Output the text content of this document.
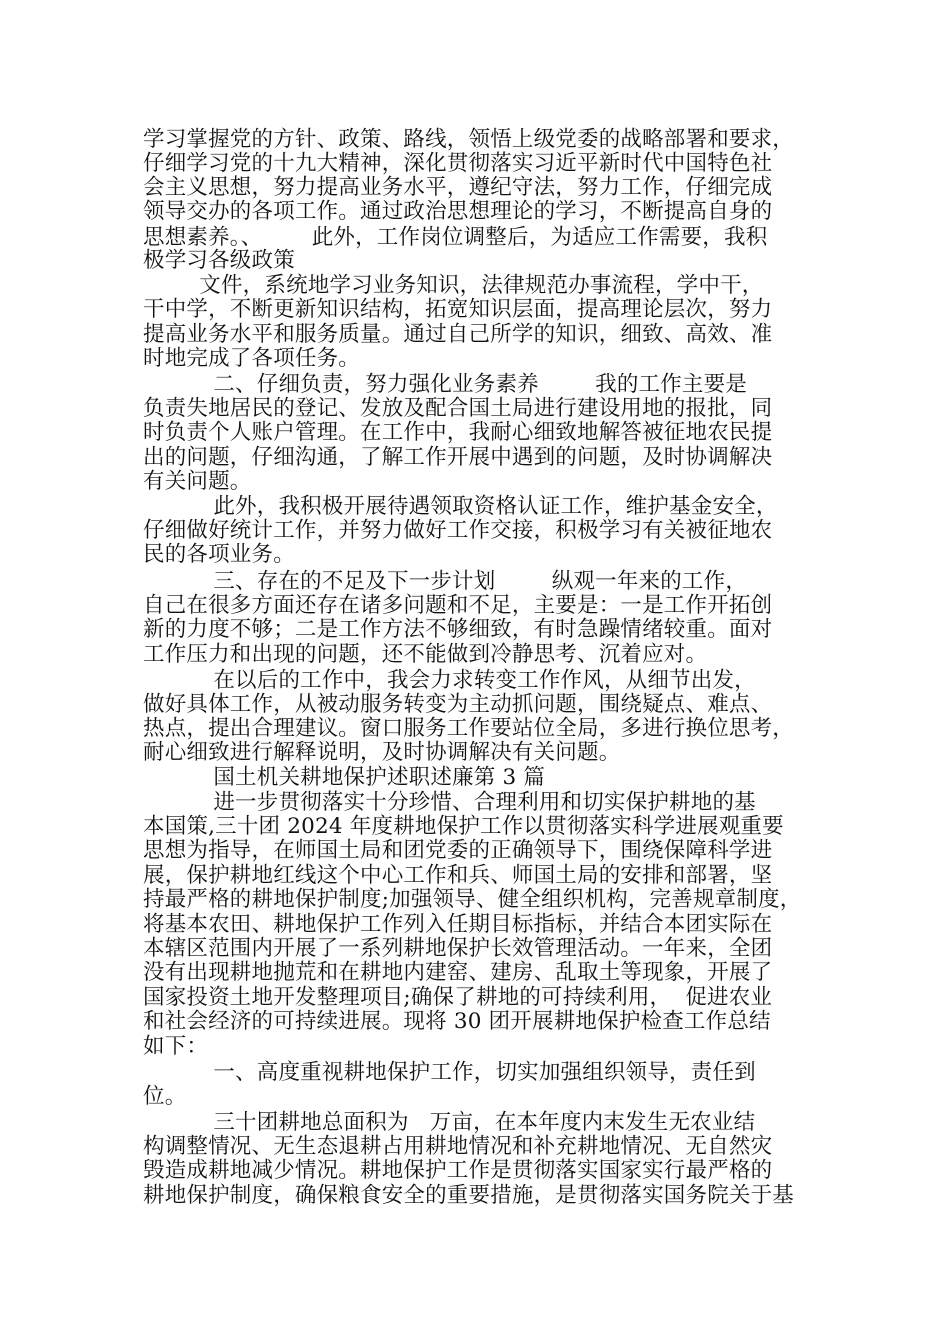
学习掌握党的方针、政策、路线，领悟上级党委的战略部署和要求，
仔细学习党的十九大精神，深化贯彻落实习近平新时代中国特色社
会主义思想，努力提高业务水平，遵纪守法，努力工作，仔细完成
领导交办的各项工作。通过政治思想理论的学习，不断提高自身的
思想素养。、       此外，工作岗位调整后，为适应工作需要，我积
极学习各级政策
文件，系统地学习业务知识，法律规范办事流程，学中干，
干中学，不断更新知识结构，拓宽知识层面，提高理论层次，努力
提高业务水平和服务质量。通过自己所学的知识，细致、高效、准
时地完成了各项任务。
二、仔细负责，努力强化业务素养        我的工作主要是
负责失地居民的登记、发放及配合国土局进行建设用地的报批，同
时负责个人账户管理。在工作中，我耐心细致地解答被征地农民提
出的问题，仔细沟通，了解工作开展中遇到的问题，及时协调解决
有关问题。
此外，我积极开展待遇领取资格认证工作，维护基金安全，
仔细做好统计工作，并努力做好工作交接，积极学习有关被征地农
民的各项业务。
三、存在的不足及下一步计划        纵观一年来的工作，
自己在很多方面还存在诸多问题和不足，主要是：一是工作开拓创
新的力度不够；二是工作方法不够细致，有时急躁情绪较重。面对
工作压力和出现的问题，还不能做到冷静思考、沉着应对。
在以后的工作中，我会力求转变工作作风，从细节出发，
做好具体工作，从被动服务转变为主动抓问题，围绕疑点、难点、
热点，提出合理建议。窗口服务工作要站位全局，多进行换位思考，
耐心细致进行解释说明，及时协调解决有关问题。
国土机关耕地保护述职述廉第 3 篇
进一步贯彻落实十分珍惜、合理利用和切实保护耕地的基
本国策,三十团 2024 年度耕地保护工作以贯彻落实科学进展观重要
思想为指导，在师国土局和团党委的正确领导下，围绕保障科学进
展，保护耕地红线这个中心工作和兵、师国土局的安排和部署，坚
持最严格的耕地保护制度;加强领导、健全组织机构，完善规章制度，
将基本农田、耕地保护工作列入任期目标指标，并结合本团实际在
本辖区范围内开展了一系列耕地保护长效管理活动。一年来，全团
没有出现耕地抛荒和在耕地内建窑、建房、乱取土等现象，开展了
国家投资土地开发整理项目;确保了耕地的可持续利用，  促进农业
和社会经济的可持续进展。现将 30 团开展耕地保护检查工作总结
如下：
一、高度重视耕地保护工作，切实加强组织领导，责任到
位。
三十团耕地总面积为   万亩，在本年度内末发生无农业结
构调整情况、无生态退耕占用耕地情况和补充耕地情况、无自然灾
毁造成耕地减少情况。耕地保护工作是贯彻落实国家实行最严格的
耕地保护制度，确保粮食安全的重要措施，是贯彻落实国务院关于基
